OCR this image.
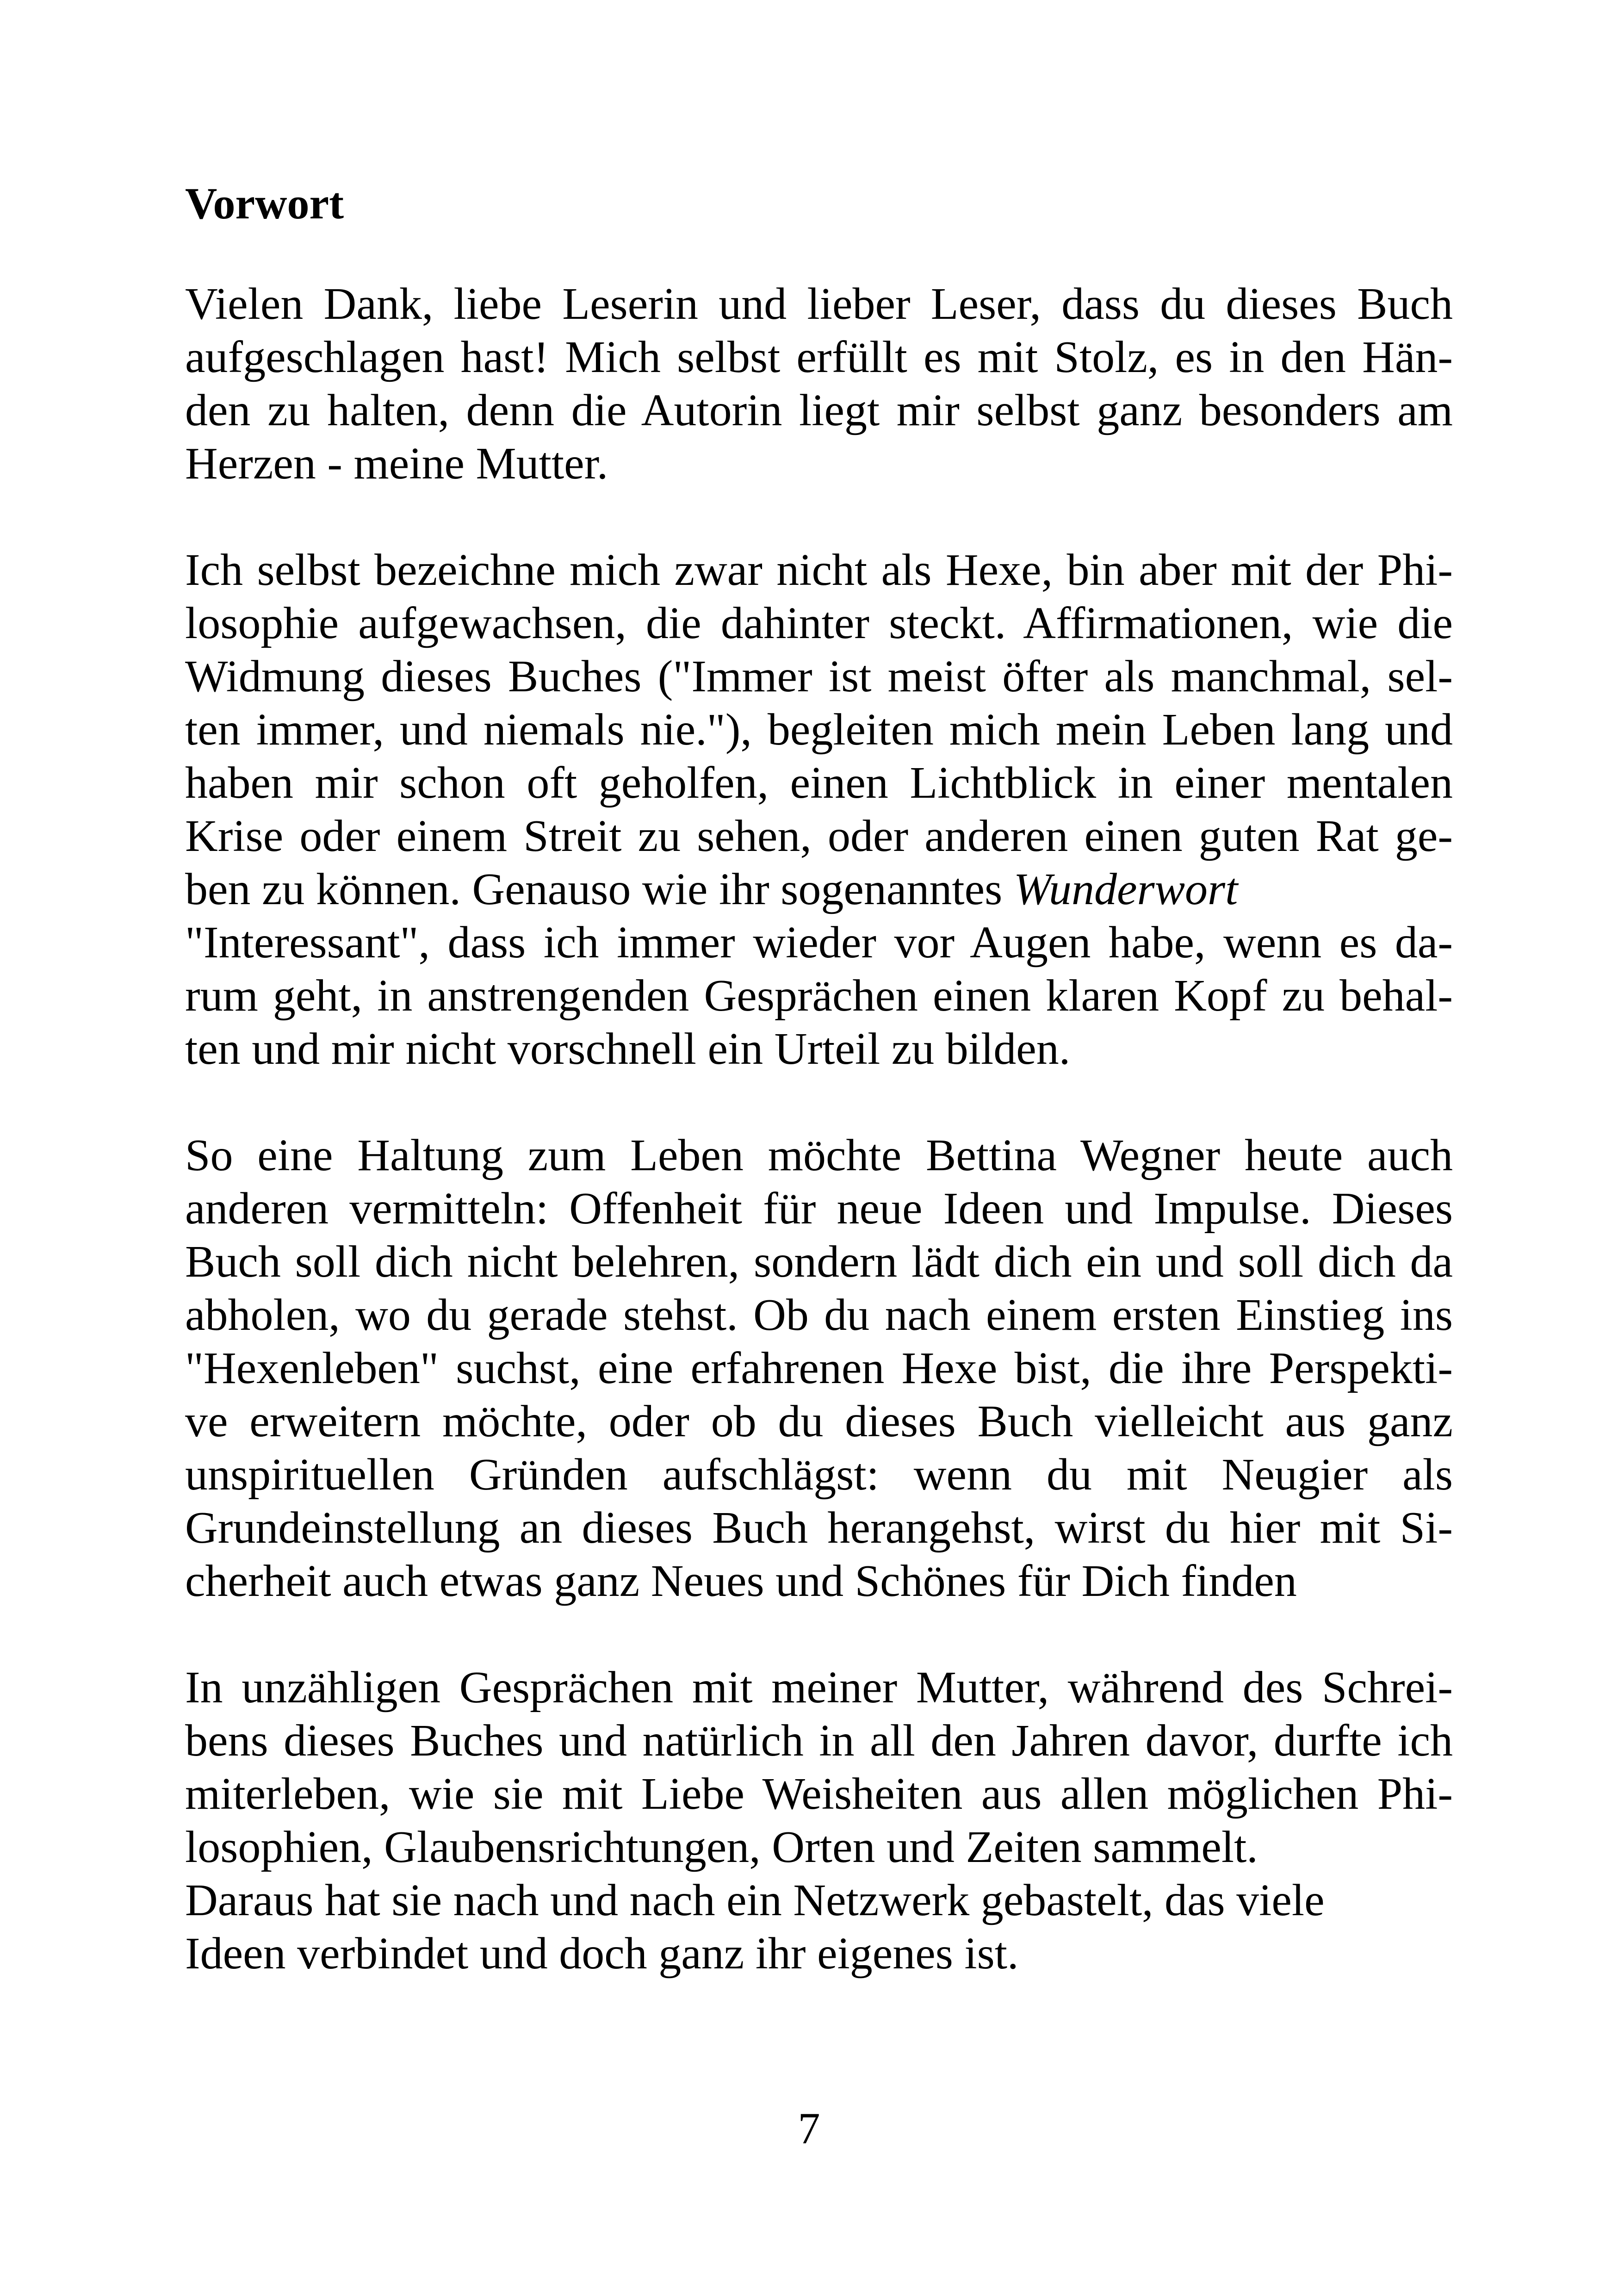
Vorwort
Vielen Dank, liebe Leserin und lieber Leser, dass du dieses Buch
aufgeschlagen hast! Mich selbst erfüllt es mit Stolz, es in den Hän-
den zu halten, denn die Autorin liegt mir selbst ganz besonders am
Herzen - meine Mutter.
Ich selbst bezeichne mich zwar nicht als Hexe, bin aber mit der Phi-
losophie aufgewachsen, die dahinter steckt. Affirmationen, wie die
Widmung dieses Buches ("Immer ist meist öfter als manchmal, sel-
ten immer, und niemals nie."), begleiten mich mein Leben lang und
haben mir schon oft geholfen, einen Lichtblick in einer mentalen
Krise oder einem Streit zu sehen, oder anderen einen guten Rat ge-
ben zu können. Genauso wie ihr sogenanntes Wunderwort
"Interessant", dass ich immer wieder vor Augen habe, wenn es da-
rum geht, in anstrengenden Gesprächen einen klaren Kopf zu behal-
ten und mir nicht vorschnell ein Urteil zu bilden.
So eine Haltung zum Leben möchte Bettina Wegner heute auch
anderen vermitteln: Offenheit für neue Ideen und Impulse. Dieses
Buch soll dich nicht belehren, sondern lädt dich ein und soll dich da
abholen, wo du gerade stehst. Ob du nach einem ersten Einstieg ins
"Hexenleben" suchst, eine erfahrenen Hexe bist, die ihre Perspekti-
ve erweitern möchte, oder ob du dieses Buch vielleicht aus ganz
unspirituellen Gründen aufschlägst: wenn du mit Neugier als
Grundeinstellung an dieses Buch herangehst, wirst du hier mit Si-
cherheit auch etwas ganz Neues und Schönes für Dich finden
In unzähligen Gesprächen mit meiner Mutter, während des Schrei-
bens dieses Buches und natürlich in all den Jahren davor, durfte ich
miterleben, wie sie mit Liebe Weisheiten aus allen möglichen Phi-
losophien, Glaubensrichtungen, Orten und Zeiten sammelt.
Daraus hat sie nach und nach ein Netzwerk gebastelt, das viele
Ideen verbindet und doch ganz ihr eigenes ist.
7
